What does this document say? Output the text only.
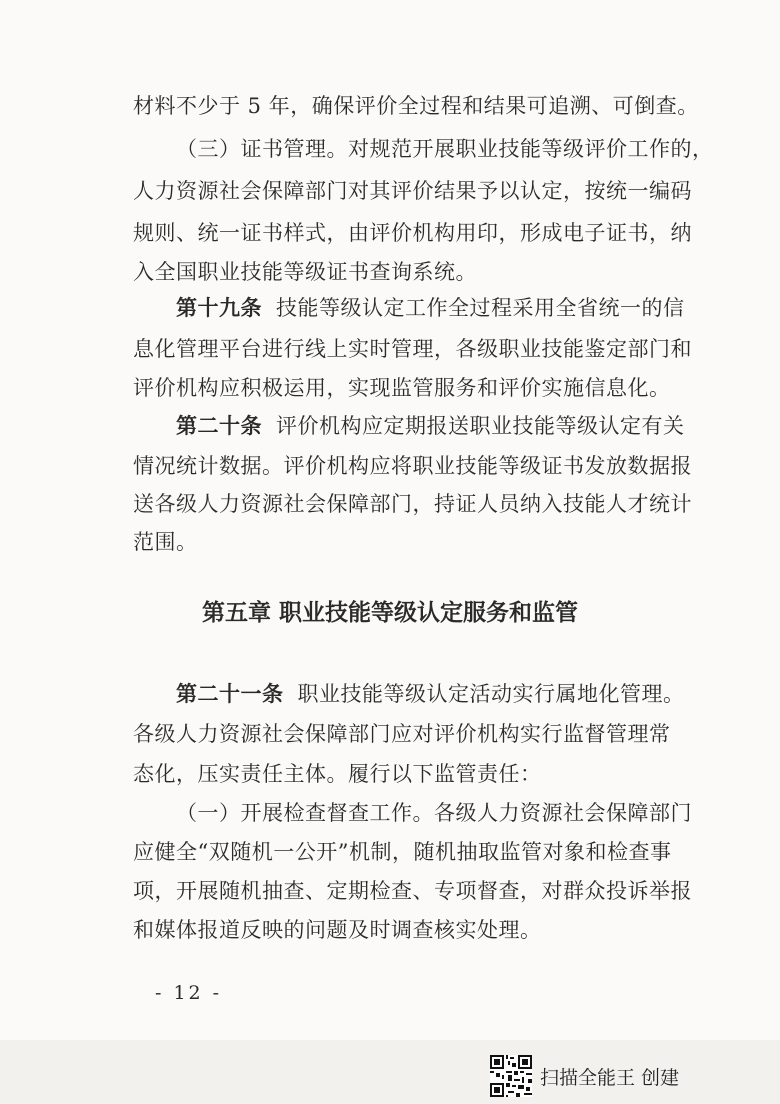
材料不少于 5 年，确保评价全过程和结果可追溯、可倒查。
（三）证书管理。对规范开展职业技能等级评价工作的，
人力资源社会保障部门对其评价结果予以认定，按统一编码
规则、统一证书样式，由评价机构用印，形成电子证书，纳
入全国职业技能等级证书查询系统。
第十九条 技能等级认定工作全过程采用全省统一的信
息化管理平台进行线上实时管理，各级职业技能鉴定部门和
评价机构应积极运用，实现监管服务和评价实施信息化。
第二十条 评价机构应定期报送职业技能等级认定有关
情况统计数据。评价机构应将职业技能等级证书发放数据报
送各级人力资源社会保障部门，持证人员纳入技能人才统计
范围。
第五章 职业技能等级认定服务和监管
第二十一条 职业技能等级认定活动实行属地化管理。
各级人力资源社会保障部门应对评价机构实行监督管理常
态化，压实责任主体。履行以下监管责任：
（一）开展检查督查工作。各级人力资源社会保障部门
应健全“双随机一公开”机制，随机抽取监管对象和检查事
项，开展随机抽查、定期检查、专项督查，对群众投诉举报
和媒体报道反映的问题及时调查核实处理。
- 12 -
扫描全能王 创建
